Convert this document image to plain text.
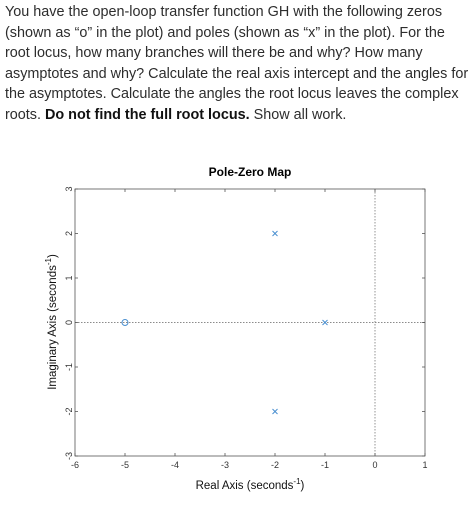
You have the open-loop transfer function GH with the following zeros (shown as “o” in the plot) and poles (shown as “x” in the plot). For the root locus, how many branches will there be and why? How many asymptotes and why? Calculate the real axis intercept and the angles for the asymptotes. Calculate the angles the root locus leaves the complex roots. Do not find the full root locus. Show all work.
Pole-Zero Map
-6	-5	-4	-3	-2	-1	0	1
-3
-2
-1
0
1
2
3
Real Axis (seconds$^{-1}$)
Imaginary Axis (seconds$^{-1}$)
